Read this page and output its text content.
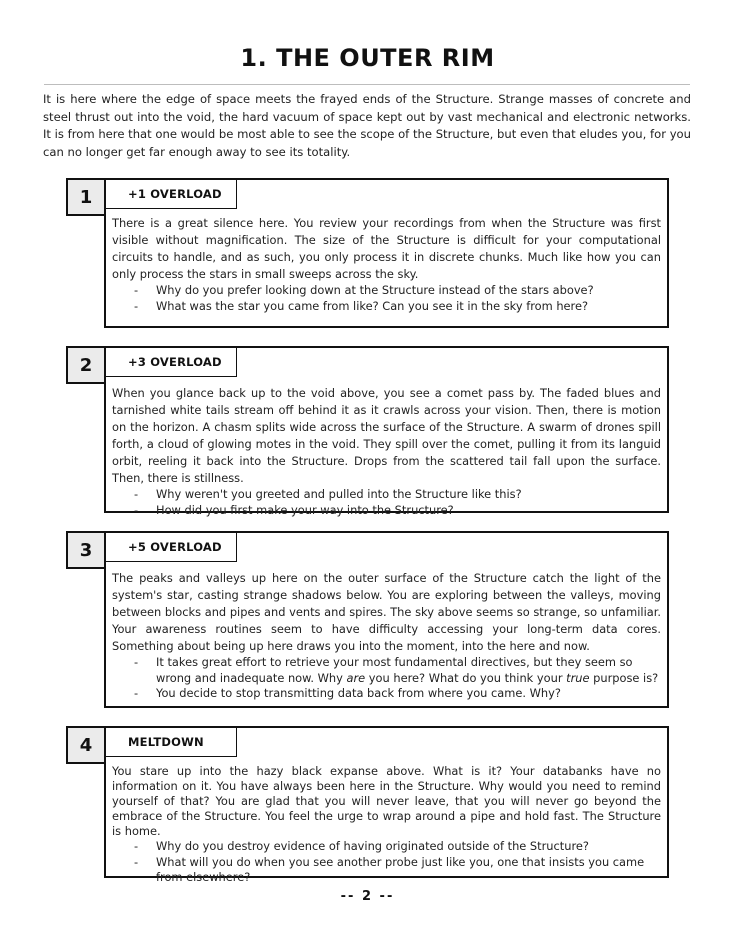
1. THE OUTER RIM

It is here where the edge of space meets the frayed ends of the Structure. Strange masses of concrete and steel thrust out into the void, the hard vacuum of space kept out by vast mechanical and electronic networks. It is from here that one would be most able to see the scope of the Structure, but even that eludes you, for you can no longer get far enough away to see its totality.

1	+1 OVERLOAD

There is a great silence here. You review your recordings from when the Structure was first visible without magnification. The size of the Structure is difficult for your computational circuits to handle, and as such, you only process it in discrete chunks. Much like how you can only process the stars in small sweeps across the sky.

- Why do you prefer looking down at the Structure instead of the stars above?
- What was the star you came from like? Can you see it in the sky from here?
2	+3 OVERLOAD

When you glance back up to the void above, you see a comet pass by. The faded blues and tarnished white tails stream off behind it as it crawls across your vision. Then, there is motion on the horizon. A chasm splits wide across the surface of the Structure. A swarm of drones spill forth, a cloud of glowing motes in the void. They spill over the comet, pulling it from its languid orbit, reeling it back into the Structure. Drops from the scattered tail fall upon the surface. Then, there is stillness.

- Why weren't you greeted and pulled into the Structure like this?
- How did you first make your way into the Structure?
3	+5 OVERLOAD

The peaks and valleys up here on the outer surface of the Structure catch the light of the system's star, casting strange shadows below. You are exploring between the valleys, moving between blocks and pipes and vents and spires. The sky above seems so strange, so unfamiliar. Your awareness routines seem to have difficulty accessing your long-term data cores. Something about being up here draws you into the moment, into the here and now.

- It takes great effort to retrieve your most fundamental directives, but they seem so wrong and inadequate now. Why are you here? What do you think your true purpose is?
- You decide to stop transmitting data back from where you came. Why?
4	MELTDOWN

You stare up into the hazy black expanse above. What is it? Your databanks have no information on it. You have always been here in the Structure. Why would you need to remind yourself of that? You are glad that you will never leave, that you will never go beyond the embrace of the Structure. You feel the urge to wrap around a pipe and hold fast. The Structure is home.

- Why do you destroy evidence of having originated outside of the Structure?
- What will you do when you see another probe just like you, one that insists you came from elsewhere?
-- 2 --
